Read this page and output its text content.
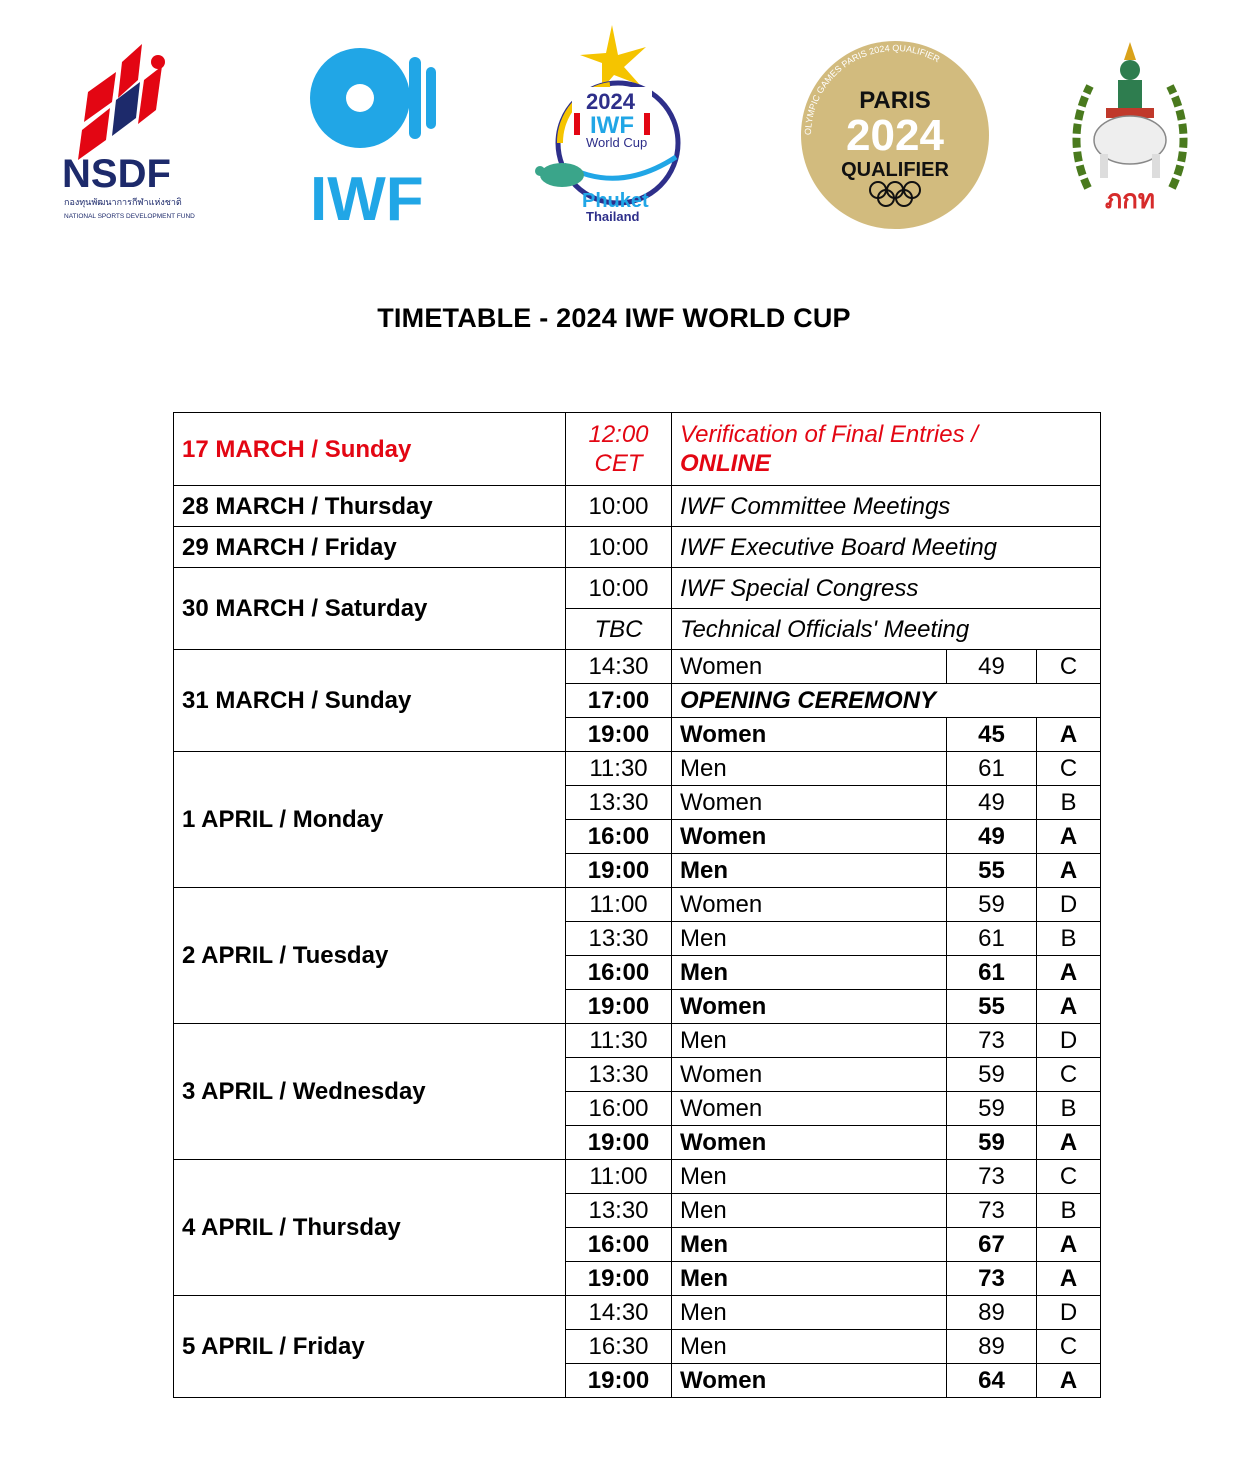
NSDF
กองทุนพัฒนาการกีฬาแห่งชาติ
NATIONAL SPORTS DEVELOPMENT FUND IWF
2024
IWF
World Cup
Phuket
Thailand
OLYMPIC GAMES PARIS 2024 QUALIFIER
PARIS
2024
QUALIFIER
ภกท
TIMETABLE - 2024 IWF WORLD CUP
17 MARCH / Sunday	12:00 CET	Verification of Final Entries /
ONLINE		
28 MARCH / Thursday	10:00	IWF Committee Meetings		
29 MARCH / Friday	10:00	IWF Executive Board Meeting		
30 MARCH / Saturday	10:00	IWF Special Congress		
	TBC	Technical Officials' Meeting		
31 MARCH / Sunday	14:30	Women	49	C
	17:00	OPENING CEREMONY		
	19:00	Women	45	A
1 APRIL / Monday	11:30	Men	61	C
	13:30	Women	49	B
	16:00	Women	49	A
	19:00	Men	55	A
2 APRIL / Tuesday	11:00	Women	59	D
	13:30	Men	61	B
	16:00	Men	61	A
	19:00	Women	55	A
3 APRIL / Wednesday	11:30	Men	73	D
	13:30	Women	59	C
	16:00	Women	59	B
	19:00	Women	59	A
4 APRIL / Thursday	11:00	Men	73	C
	13:30	Men	73	B
	16:00	Men	67	A
	19:00	Men	73	A
5 APRIL / Friday	14:30	Men	89	D
	16:30	Men	89	C
	19:00	Women	64	A
